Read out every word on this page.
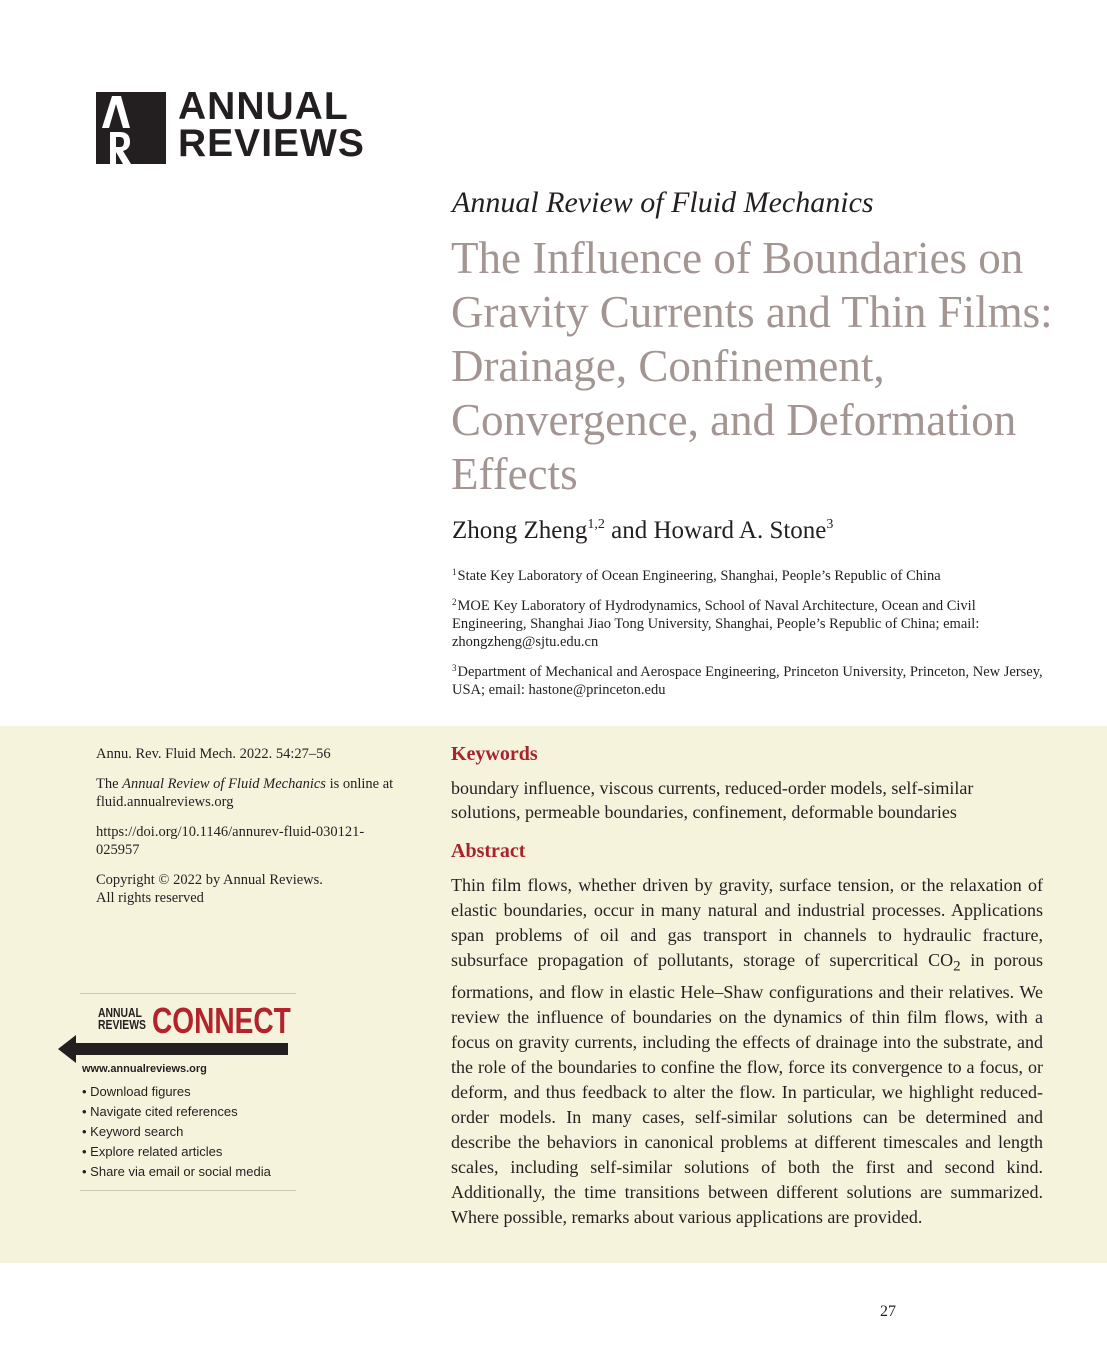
ANNUAL
REVIEWS
Annual Review of Fluid Mechanics
The Influence of Boundaries on Gravity Currents and Thin Films: Drainage, Confinement, Convergence, and Deformation Effects
Zhong Zheng$^{1,2}$ and Howard A. Stone$^3$

$^1$State Key Laboratory of Ocean Engineering, Shanghai, People’s Republic of China

$^2$MOE Key Laboratory of Hydrodynamics, School of Naval Architecture, Ocean and Civil Engineering, Shanghai Jiao Tong University, Shanghai, People’s Republic of China; email: zhongzheng@sjtu.edu.cn

$^3$Department of Mechanical and Aerospace Engineering, Princeton University, Princeton, New Jersey, USA; email: hastone@princeton.edu

Annu. Rev. Fluid Mech. 2022. 54:27–56

The Annual Review of Fluid Mechanics is online at fluid.annualreviews.org

https://doi.org/10.1146/annurev-fluid-030121-025957

Copyright © 2022 by Annual Reviews.
All rights reserved

ANNUAL
REVIEWS CONNECT
www.annualreviews.org
• Download figures
• Navigate cited references
• Keyword search
• Explore related articles
• Share via email or social media
Keywords

boundary influence, viscous currents, reduced-order models, self-similar solutions, permeable boundaries, confinement, deformable boundaries

Abstract

Thin film flows, whether driven by gravity, surface tension, or the relaxation of elastic boundaries, occur in many natural and industrial processes. Applications span problems of oil and gas transport in channels to hydraulic fracture, subsurface propagation of pollutants, storage of supercritical $CO_2$ in porous formations, and flow in elastic Hele–Shaw configurations and their relatives. We review the influence of boundaries on the dynamics of thin film flows, with a focus on gravity currents, including the effects of drainage into the substrate, and the role of the boundaries to confine the flow, force its convergence to a focus, or deform, and thus feedback to alter the flow. In particular, we highlight reduced-order models. In many cases, self-similar solutions can be determined and describe the behaviors in canonical problems at different timescales and length scales, including self-similar solutions of both the first and second kind. Additionally, the time transitions between different solutions are summarized. Where possible, remarks about various applications are provided.

27
